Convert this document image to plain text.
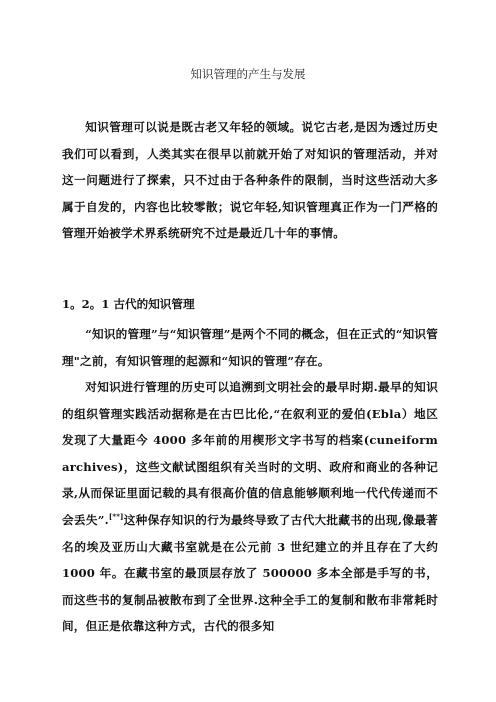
知识管理的产生与发展

知识管理可以说是既古老又年轻的领域。说它古老,是因为透过历史我们可以看到，人类其实在很早以前就开始了对知识的管理活动，并对这一问题进行了探索，只不过由于各种条件的限制，当时这些活动大多属于自发的，内容也比较零散；说它年轻,知识管理真正作为一门严格的管理开始被学术界系统研究不过是最近几十年的事情。

1。2。1 古代的知识管理

“知识的管理”与“知识管理”是两个不同的概念，但在正式的“知识管理"之前，有知识管理的起源和“知识的管理”存在。

对知识进行管理的历史可以追溯到文明社会的最早时期.最早的知识的组织管理实践活动据称是在古巴比伦,“在叙利亚的爱伯(Ebla）地区发现了大量距今 4000 多年前的用楔形文字书写的档案(cuneiform archives)，这些文献试图组织有关当时的文明、政府和商业的各种记录,从而保证里面记载的具有很高价值的信息能够顺利地一代代传递而不会丢失”.[**]这种保存知识的行为最终导致了古代大批藏书的出现,像最著名的埃及亚历山大藏书室就是在公元前 3 世纪建立的并且存在了大约 1000 年。在藏书室的最顶层存放了 500000 多本全部是手写的书，而这些书的复制品被散布到了全世界.这种全手工的复制和散布非常耗时间，但正是依靠这种方式，古代的很多知
